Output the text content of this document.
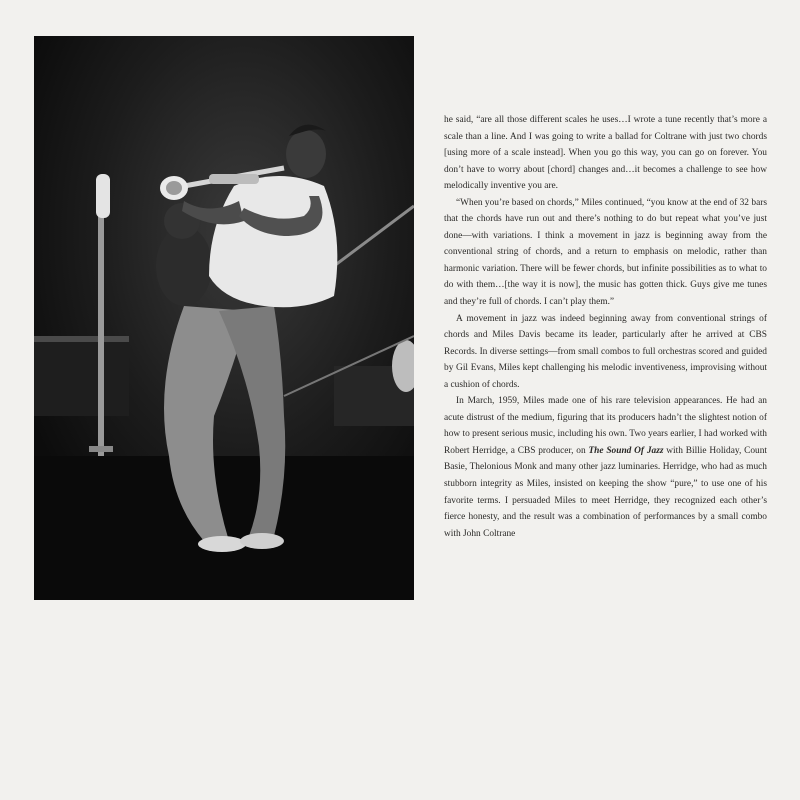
he said, “are all those different scales he uses…I wrote a tune recently that’s more a scale than a line. And I was going to write a ballad for Coltrane with just two chords [using more of a scale instead]. When you go this way, you can go on forever. You don’t have to worry about [chord] changes and…it becomes a challenge to see how melodically inventive you are.

“When you’re based on chords,” Miles continued, “you know at the end of 32 bars that the chords have run out and there’s nothing to do but repeat what you’ve just done—with variations. I think a movement in jazz is beginning away from the conventional string of chords, and a return to emphasis on melodic, rather than harmonic variation. There will be fewer chords, but infinite possibilities as to what to do with them…[the way it is now], the music has gotten thick. Guys give me tunes and they’re full of chords. I can’t play them.”

A movement in jazz was indeed beginning away from conventional strings of chords and Miles Davis became its leader, particularly after he arrived at CBS Records. In diverse settings—from small combos to full orchestras scored and guided by Gil Evans, Miles kept challenging his melodic inventiveness, improvising without a cushion of chords.

In March, 1959, Miles made one of his rare television appearances. He had an acute distrust of the medium, figuring that its producers hadn’t the slightest notion of how to present serious music, including his own. Two years earlier, I had worked with Robert Herridge, a CBS producer, on The Sound Of Jazz with Billie Holiday, Count Basie, Thelonious Monk and many other jazz luminaries. Herridge, who had as much stubborn integrity as Miles, insisted on keeping the show “pure,” to use one of his favorite terms. I persuaded Miles to meet Herridge, they recognized each other’s fierce honesty, and the result was a combination of performances by a small combo with John Coltrane
